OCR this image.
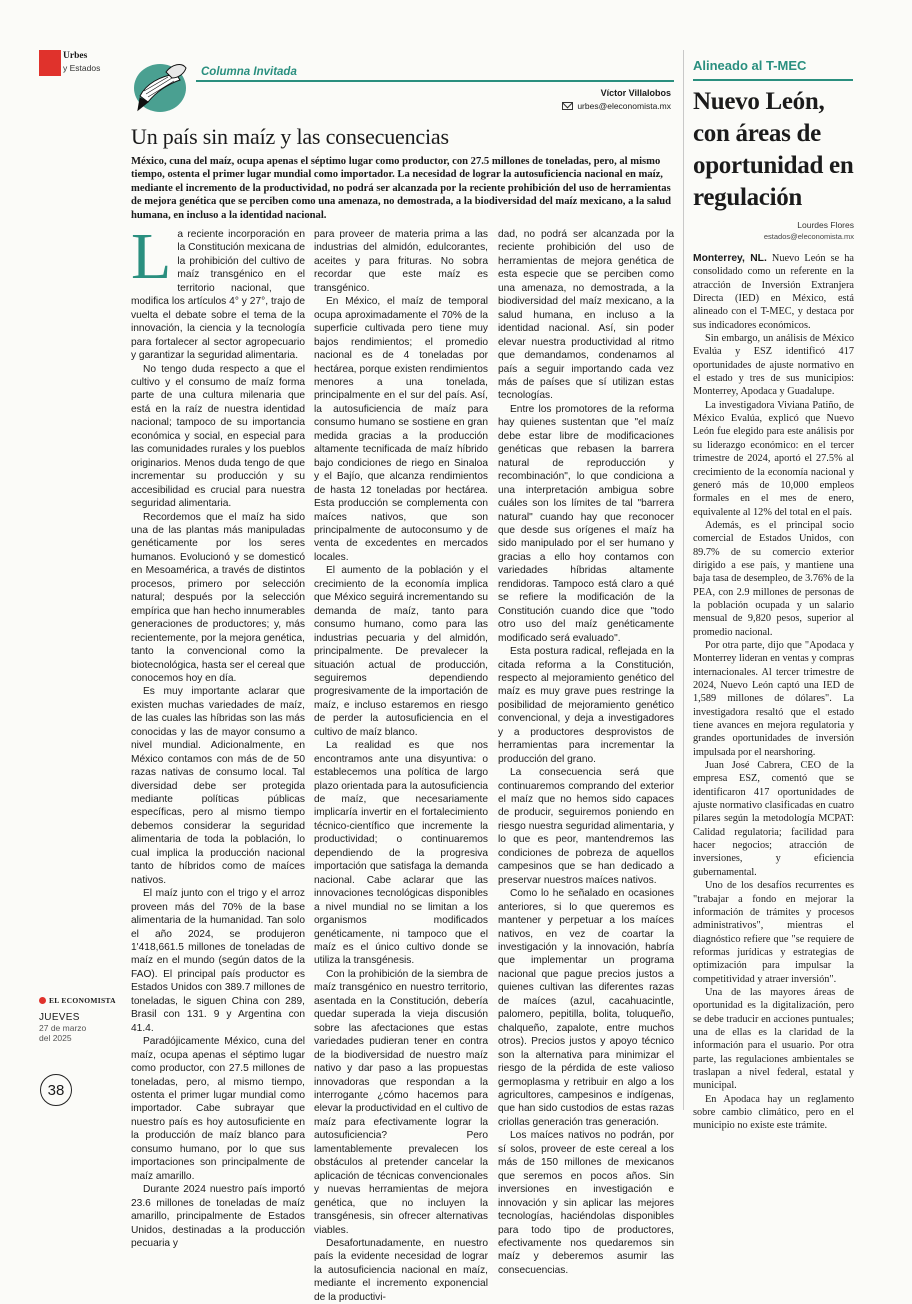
Urbes
y Estados	Columna Invitada
Víctor Villalobos
urbes@eleconomista.mx
Un país sin maíz y las consecuencias
México, cuna del maíz, ocupa apenas el séptimo lugar como productor, con 27.5 millones de toneladas, pero, al mismo tiempo, ostenta el primer lugar mundial como importador. La necesidad de lograr la autosuficiencia nacional en maíz, mediante el incremento de la productividad, no podrá ser alcanzada por la reciente prohibición del uso de herramientas de mejora genética que se perciben como una amenaza, no demostrada, a la biodiversidad del maíz mexicano, a la salud humana, en incluso a la identidad nacional.
L a reciente incorporación en la Constitución mexicana de la prohibición del cultivo de maíz transgénico en el territorio nacional, que modifica los artículos 4° y 27°, trajo de vuelta el debate sobre el tema de la innovación, la ciencia y la tecnología para fortalecer al sector agropecuario y garantizar la seguridad alimentaria.

No tengo duda respecto a que el cultivo y el consumo de maíz forma parte de una cultura milenaria que está en la raíz de nuestra identidad nacional; tampoco de su importancia económica y social, en especial para las comunidades rurales y los pueblos originarios. Menos duda tengo de que incrementar su producción y su accesibilidad es crucial para nuestra seguridad alimentaria.

Recordemos que el maíz ha sido una de las plantas más manipuladas genéticamente por los seres humanos. Evolucionó y se domesticó en Mesoamérica, a través de distintos procesos, primero por selección natural; después por la selección empírica que han hecho innumerables generaciones de productores; y, más recientemente, por la mejora genética, tanto la convencional como la biotecnológica, hasta ser el cereal que conocemos hoy en día.

Es muy importante aclarar que existen muchas variedades de maíz, de las cuales las híbridas son las más conocidas y las de mayor consumo a nivel mundial. Adicionalmente, en México contamos con más de de 50 razas nativas de consumo local. Tal diversidad debe ser protegida mediante políticas públicas específicas, pero al mismo tiempo debemos considerar la seguridad alimentaria de toda la población, lo cual implica la producción nacional tanto de híbridos como de maíces nativos.

El maíz junto con el trigo y el arroz proveen más del 70% de la base alimentaria de la humanidad. Tan solo el año 2024, se produjeron 1'418,661.5 millones de toneladas de maíz en el mundo (según datos de la FAO). El principal país productor es Estados Unidos con 389.7 millones de toneladas, le siguen China con 289, Brasil con 131. 9 y Argentina con 41.4.

Paradójicamente México, cuna del maíz, ocupa apenas el séptimo lugar como productor, con 27.5 millones de toneladas, pero, al mismo tiempo, ostenta el primer lugar mundial como importador. Cabe subrayar que nuestro país es hoy autosuficiente en la producción de maíz blanco para consumo humano, por lo que sus importaciones son principalmente de maíz amarillo.

Durante 2024 nuestro país importó 23.6 millones de toneladas de maíz amarillo, principalmente de Estados Unidos, destinadas a la producción pecuaria y

para proveer de materia prima a las industrias del almidón, edulcorantes, aceites y para frituras. No sobra recordar que este maíz es transgénico.

En México, el maíz de temporal ocupa aproximadamente el 70% de la superficie cultivada pero tiene muy bajos rendimientos; el promedio nacional es de 4 toneladas por hectárea, porque existen rendimientos menores a una tonelada, principalmente en el sur del país. Así, la autosuficiencia de maíz para consumo humano se sostiene en gran medida gracias a la producción altamente tecnificada de maíz híbrido bajo condiciones de riego en Sinaloa y el Bajío, que alcanza rendimientos de hasta 12 toneladas por hectárea. Esta producción se complementa con maíces nativos, que son principalmente de autoconsumo y de venta de excedentes en mercados locales.

El aumento de la población y el crecimiento de la economía implica que México seguirá incrementando su demanda de maíz, tanto para consumo humano, como para las industrias pecuaria y del almidón, principalmente. De prevalecer la situación actual de producción, seguiremos dependiendo progresivamente de la importación de maíz, e incluso estaremos en riesgo de perder la autosuficiencia en el cultivo de maíz blanco.

La realidad es que nos encontramos ante una disyuntiva: o establecemos una política de largo plazo orientada para la autosuficiencia de maíz, que necesariamente implicaría invertir en el fortalecimiento técnico-científico que incremente la productividad; o continuaremos dependiendo de la progresiva importación que satisfaga la demanda nacional. Cabe aclarar que las innovaciones tecnológicas disponibles a nivel mundial no se limitan a los organismos modificados genéticamente, ni tampoco que el maíz es el único cultivo donde se utiliza la transgénesis.

Con la prohibición de la siembra de maíz transgénico en nuestro territorio, asentada en la Constitución, debería quedar superada la vieja discusión sobre las afectaciones que estas variedades pudieran tener en contra de la biodiversidad de nuestro maíz nativo y dar paso a las propuestas innovadoras que respondan a la interrogante ¿cómo hacemos para elevar la productividad en el cultivo de maíz para efectivamente lograr la autosuficiencia? Pero lamentablemente prevalecen los obstáculos al pretender cancelar la aplicación de técnicas convencionales y nuevas herramientas de mejora genética, que no incluyen la transgénesis, sin ofrecer alternativas viables.

Desafortunadamente, en nuestro país la evidente necesidad de lograr la autosuficiencia nacional en maíz, mediante el incremento exponencial de la productivi-

dad, no podrá ser alcanzada por la reciente prohibición del uso de herramientas de mejora genética de esta especie que se perciben como una amenaza, no demostrada, a la biodiversidad del maíz mexicano, a la salud humana, en incluso a la identidad nacional. Así, sin poder elevar nuestra productividad al ritmo que demandamos, condenamos al país a seguir importando cada vez más de países que sí utilizan estas tecnologías.

Entre los promotores de la reforma hay quienes sustentan que "el maíz debe estar libre de modificaciones genéticas que rebasen la barrera natural de reproducción y recombinación", lo que condiciona a una interpretación ambigua sobre cuáles son los límites de tal "barrera natural" cuando hay que reconocer que desde sus orígenes el maíz ha sido manipulado por el ser humano y gracias a ello hoy contamos con variedades híbridas altamente rendidoras. Tampoco está claro a qué se refiere la modificación de la Constitución cuando dice que "todo otro uso del maíz genéticamente modificado será evaluado".

Esta postura radical, reflejada en la citada reforma a la Constitución, respecto al mejoramiento genético del maíz es muy grave pues restringe la posibilidad de mejoramiento genético convencional, y deja a investigadores y a productores desprovistos de herramientas para incrementar la producción del grano.

La consecuencia será que continuaremos comprando del exterior el maíz que no hemos sido capaces de producir, seguiremos poniendo en riesgo nuestra seguridad alimentaria, y lo que es peor, mantendremos las condiciones de pobreza de aquellos campesinos que se han dedicado a preservar nuestros maíces nativos.

Como lo he señalado en ocasiones anteriores, si lo que queremos es mantener y perpetuar a los maíces nativos, en vez de coartar la investigación y la innovación, habría que implementar un programa nacional que pague precios justos a quienes cultivan las diferentes razas de maíces (azul, cacahuacintle, palomero, pepitilla, bolita, toluqueño, chalqueño, zapalote, entre muchos otros). Precios justos y apoyo técnico son la alternativa para minimizar el riesgo de la pérdida de este valioso germoplasma y retribuir en algo a los agricultores, campesinos e indígenas, que han sido custodios de estas razas criollas generación tras generación.

Los maíces nativos no podrán, por sí solos, proveer de este cereal a los más de 150 millones de mexicanos que seremos en pocos años. Sin inversiones en investigación e innovación y sin aplicar las mejores tecnologías, haciéndolas disponibles para todo tipo de productores, efectivamente nos quedaremos sin maíz y deberemos asumir las consecuencias.

EL ECONOMISTA
JUEVES
27 de marzo
del 2025
38
Alineado al T-MEC
Nuevo León, con áreas de oportunidad en regulación
Lourdes Flores
estados@eleconomista.mx

Monterrey, NL. Nuevo León se ha consolidado como un referente en la atracción de Inversión Extranjera Directa (IED) en México, está alineado con el T-MEC, y destaca por sus indicadores económicos.

Sin embargo, un análisis de México Evalúa y ESZ identificó 417 oportunidades de ajuste normativo en el estado y tres de sus municipios: Monterrey, Apodaca y Guadalupe.

La investigadora Viviana Patiño, de México Evalúa, explicó que Nuevo León fue elegido para este análisis por su liderazgo económico: en el tercer trimestre de 2024, aportó el 27.5% al crecimiento de la economía nacional y generó más de 10,000 empleos formales en el mes de enero, equivalente al 12% del total en el país.

Además, es el principal socio comercial de Estados Unidos, con 89.7% de su comercio exterior dirigido a ese país, y mantiene una baja tasa de desempleo, de 3.76% de la PEA, con 2.9 millones de personas de la población ocupada y un salario mensual de 9,820 pesos, superior al promedio nacional.

Por otra parte, dijo que "Apodaca y Monterrey lideran en ventas y compras internacionales. Al tercer trimestre de 2024, Nuevo León captó una IED de 1,589 millones de dólares". La investigadora resaltó que el estado tiene avances en mejora regulatoria y grandes oportunidades de inversión impulsada por el nearshoring.

Juan José Cabrera, CEO de la empresa ESZ, comentó que se identificaron 417 oportunidades de ajuste normativo clasificadas en cuatro pilares según la metodología MCPAT: Calidad regulatoria; facilidad para hacer negocios; atracción de inversiones, y eficiencia gubernamental.

Uno de los desafíos recurrentes es "trabajar a fondo en mejorar la información de trámites y procesos administrativos", mientras el diagnóstico refiere que "se requiere de reformas jurídicas y estrategias de optimización para impulsar la competitividad y atraer inversión".

Una de las mayores áreas de oportunidad es la digitalización, pero se debe traducir en acciones puntuales; una de ellas es la claridad de la información para el usuario. Por otra parte, las regulaciones ambientales se traslapan a nivel federal, estatal y municipal.

En Apodaca hay un reglamento sobre cambio climático, pero en el municipio no existe este trámite.
